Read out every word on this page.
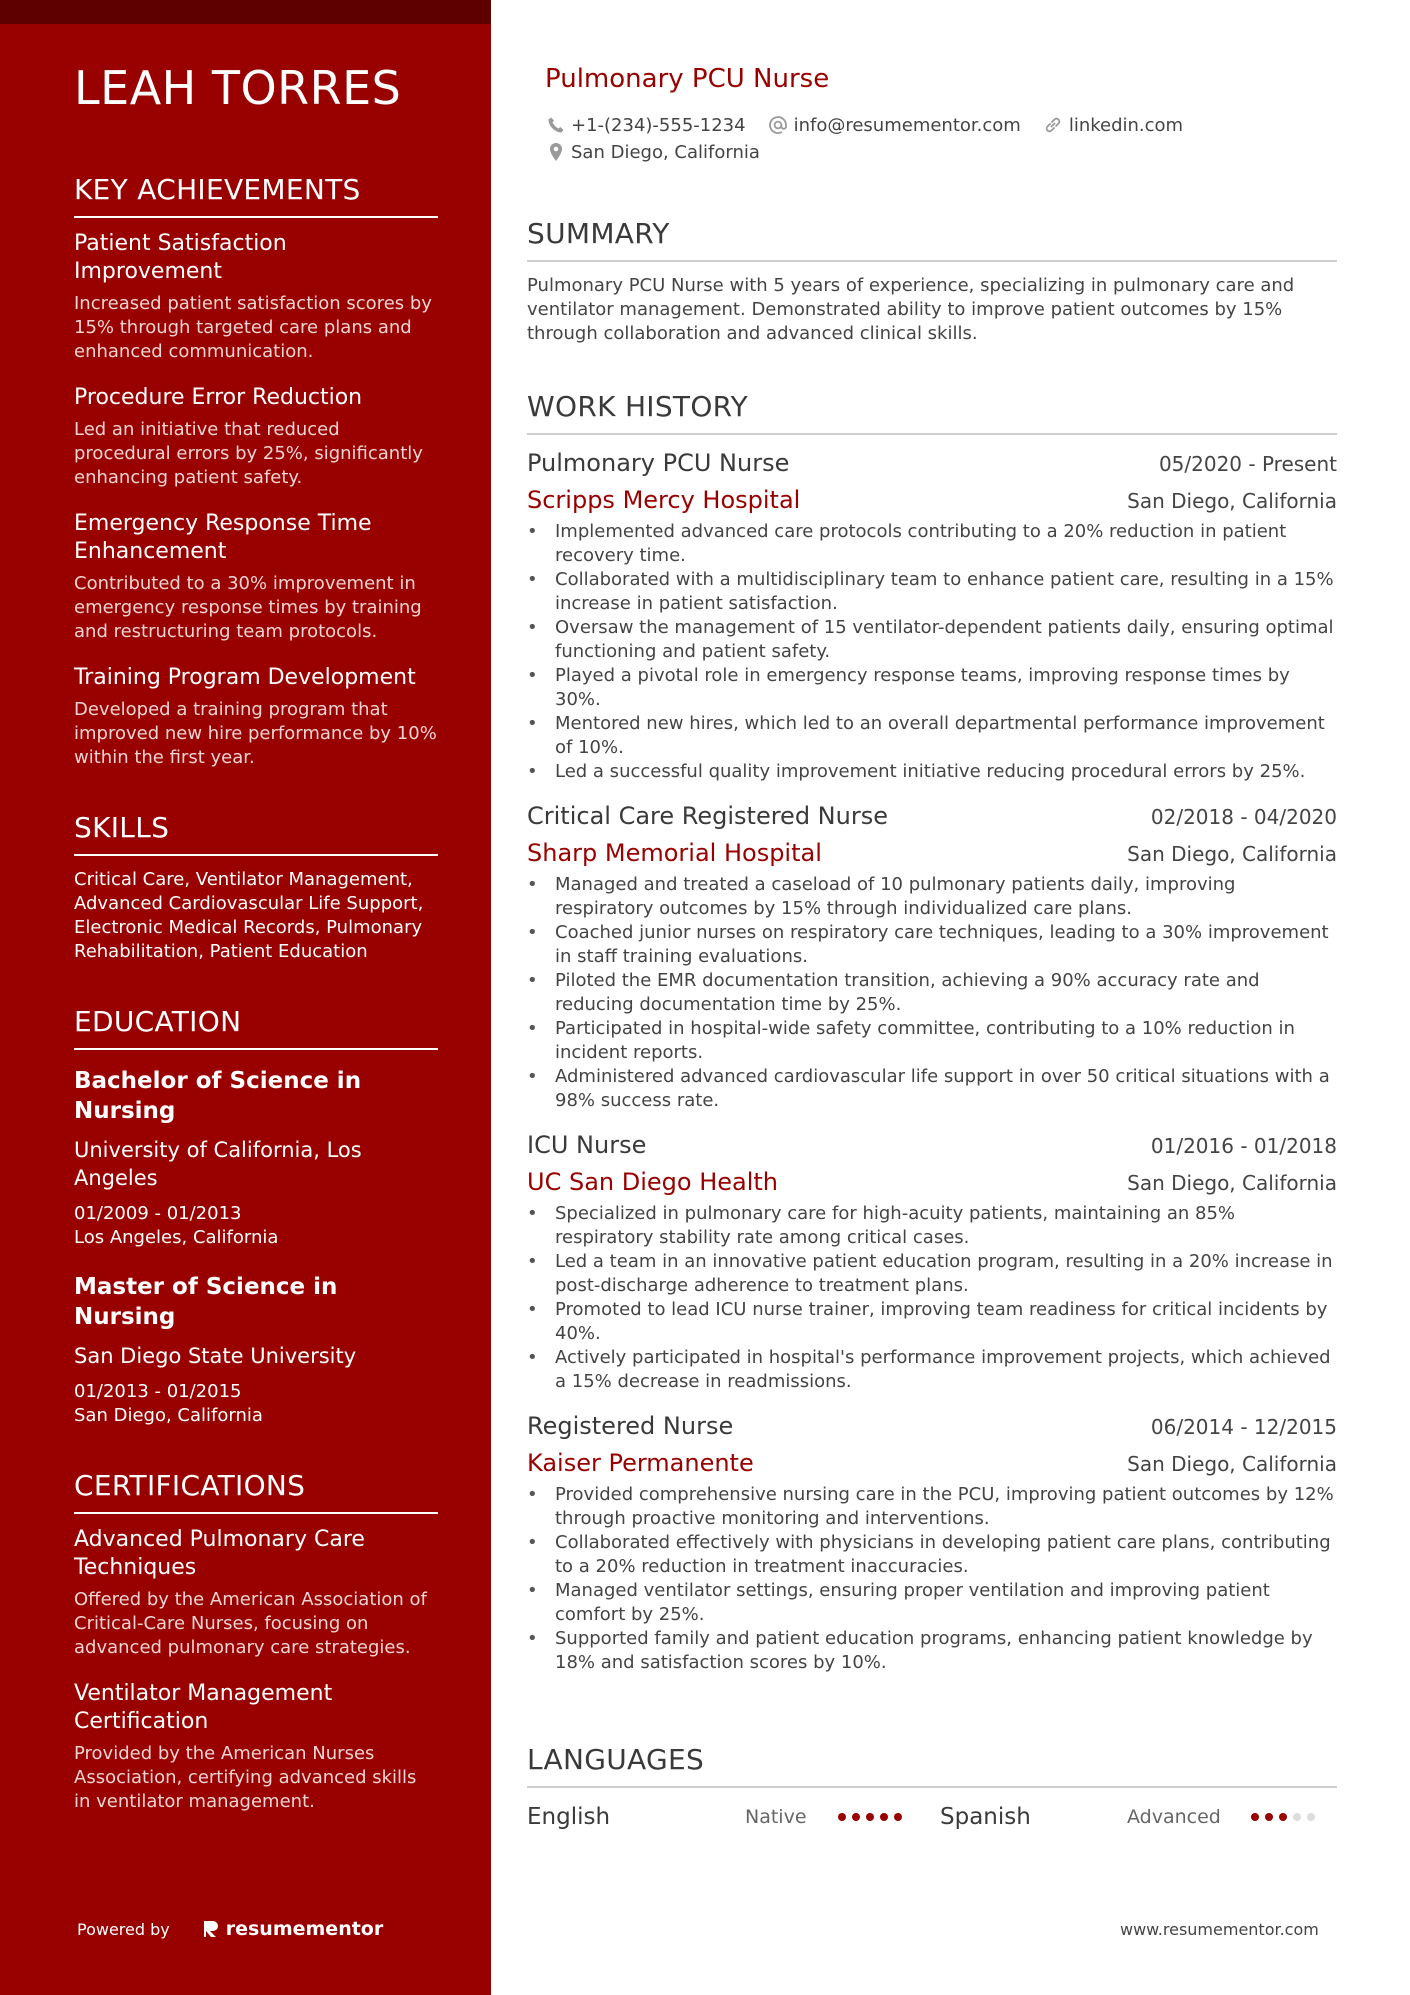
LEAH TORRES
KEY ACHIEVEMENTS
Patient Satisfaction Improvement
Increased patient satisfaction scores by 15% through targeted care plans and enhanced communication.
Procedure Error Reduction
Led an initiative that reduced procedural errors by 25%, significantly enhancing patient safety.
Emergency Response Time Enhancement
Contributed to a 30% improvement in emergency response times by training and restructuring team protocols.
Training Program Development
Developed a training program that improved new hire performance by 10% within the first year.
SKILLS
Critical Care, Ventilator Management, Advanced Cardiovascular Life Support, Electronic Medical Records, Pulmonary Rehabilitation, Patient Education
EDUCATION
Bachelor of Science in Nursing
University of California, Los Angeles
01/2009 - 01/2013
Los Angeles, California
Master of Science in Nursing
San Diego State University
01/2013 - 01/2015
San Diego, California
CERTIFICATIONS
Advanced Pulmonary Care Techniques
Offered by the American Association of Critical-Care Nurses, focusing on advanced pulmonary care strategies.
Ventilator Management Certification
Provided by the American Nurses Association, certifying advanced skills in ventilator management.
Powered by	resumementor
Pulmonary PCU Nurse
+1-(234)-555-1234	info@resumementor.com	linkedin.com
San Diego, California
SUMMARY
Pulmonary PCU Nurse with 5 years of experience, specializing in pulmonary care and ventilator management. Demonstrated ability to improve patient outcomes by 15% through collaboration and advanced clinical skills.
WORK HISTORY
Pulmonary PCU Nurse	05/2020 - Present
Scripps Mercy Hospital	San Diego, California
• Implemented advanced care protocols contributing to a 20% reduction in patient recovery time.
• Collaborated with a multidisciplinary team to enhance patient care, resulting in a 15% increase in patient satisfaction.
• Oversaw the management of 15 ventilator-dependent patients daily, ensuring optimal functioning and patient safety.
• Played a pivotal role in emergency response teams, improving response times by 30%.
• Mentored new hires, which led to an overall departmental performance improvement of 10%.
• Led a successful quality improvement initiative reducing procedural errors by 25%.
Critical Care Registered Nurse	02/2018 - 04/2020
Sharp Memorial Hospital	San Diego, California
• Managed and treated a caseload of 10 pulmonary patients daily, improving respiratory outcomes by 15% through individualized care plans.
• Coached junior nurses on respiratory care techniques, leading to a 30% improvement in staff training evaluations.
• Piloted the EMR documentation transition, achieving a 90% accuracy rate and reducing documentation time by 25%.
• Participated in hospital-wide safety committee, contributing to a 10% reduction in incident reports.
• Administered advanced cardiovascular life support in over 50 critical situations with a 98% success rate.
ICU Nurse	01/2016 - 01/2018
UC San Diego Health	San Diego, California
• Specialized in pulmonary care for high-acuity patients, maintaining an 85% respiratory stability rate among critical cases.
• Led a team in an innovative patient education program, resulting in a 20% increase in post-discharge adherence to treatment plans.
• Promoted to lead ICU nurse trainer, improving team readiness for critical incidents by 40%.
• Actively participated in hospital's performance improvement projects, which achieved a 15% decrease in readmissions.
Registered Nurse	06/2014 - 12/2015
Kaiser Permanente	San Diego, California
• Provided comprehensive nursing care in the PCU, improving patient outcomes by 12% through proactive monitoring and interventions.
• Collaborated effectively with physicians in developing patient care plans, contributing to a 20% reduction in treatment inaccuracies.
• Managed ventilator settings, ensuring proper ventilation and improving patient comfort by 25%.
• Supported family and patient education programs, enhancing patient knowledge by 18% and satisfaction scores by 10%.
LANGUAGES
English	Native	Spanish	Advanced
www.resumementor.com
